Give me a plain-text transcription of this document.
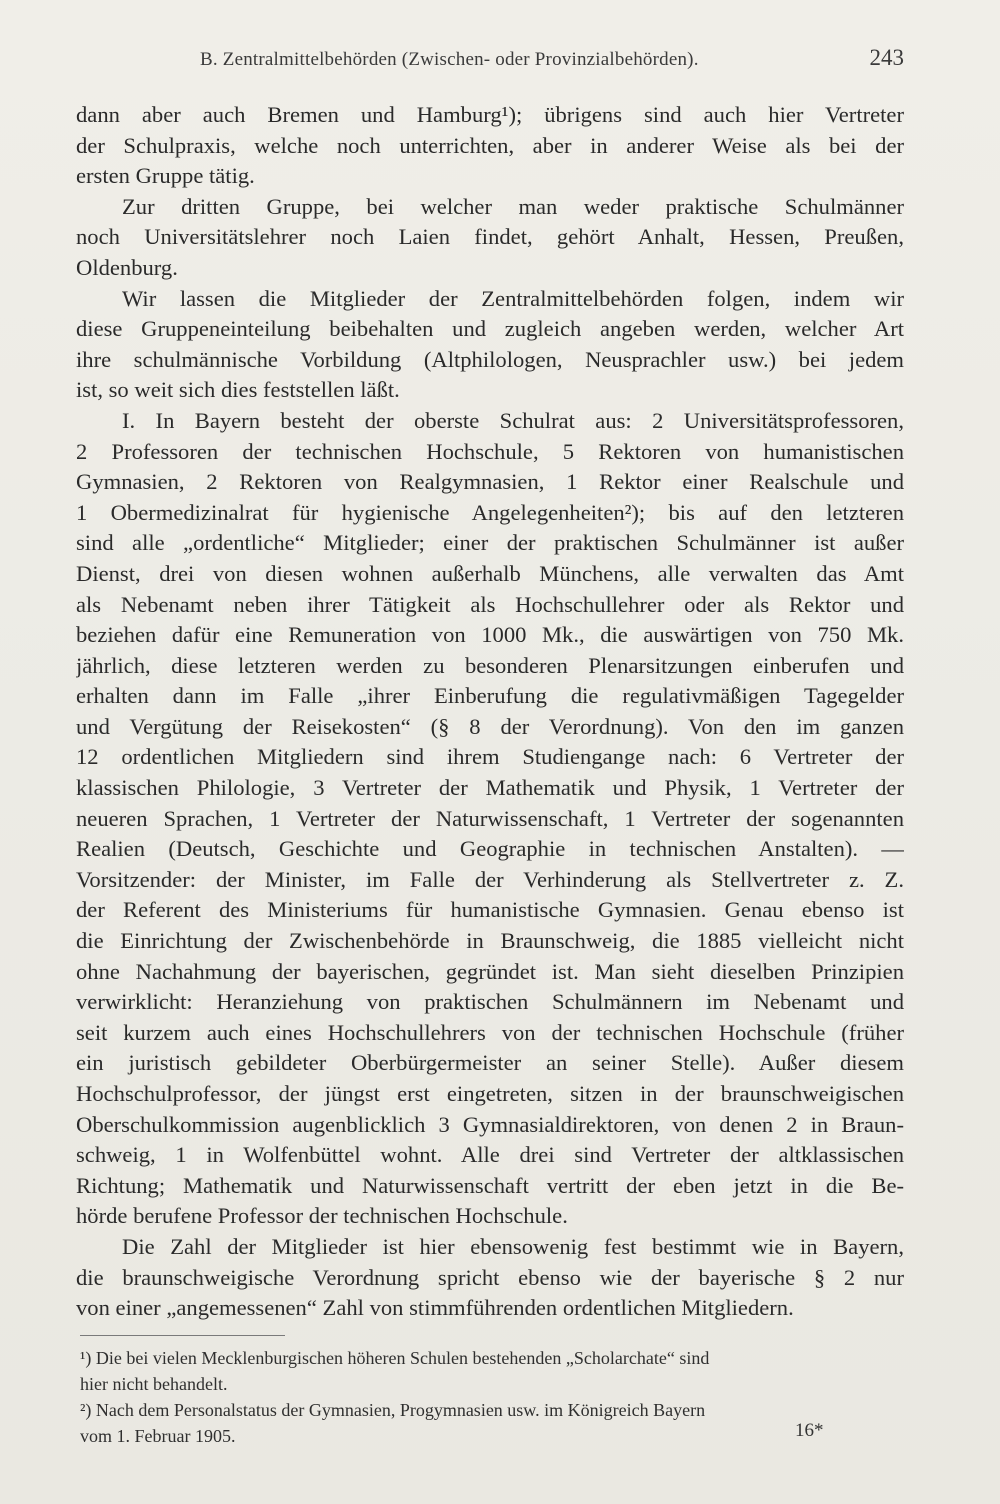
B. Zentralmittelbehörden (Zwischen- oder Provinzialbehörden).	243
dann aber auch Bremen und Hamburg¹); übrigens sind auch hier Vertreter
der Schulpraxis, welche noch unterrichten, aber in anderer Weise als bei der
ersten Gruppe tätig.
Zur dritten Gruppe, bei welcher man weder praktische Schulmänner
noch Universitätslehrer noch Laien findet, gehört Anhalt, Hessen, Preußen,
Oldenburg.
Wir lassen die Mitglieder der Zentralmittelbehörden folgen, indem wir
diese Gruppeneinteilung beibehalten und zugleich angeben werden, welcher Art
ihre schulmännische Vorbildung (Altphilologen, Neusprachler usw.) bei jedem
ist, so weit sich dies feststellen läßt.
I. In Bayern besteht der oberste Schulrat aus: 2 Universitätsprofessoren,
2 Professoren der technischen Hochschule, 5 Rektoren von humanistischen
Gymnasien, 2 Rektoren von Realgymnasien, 1 Rektor einer Realschule und
1 Obermedizinalrat für hygienische Angelegenheiten²); bis auf den letzteren
sind alle „ordentliche“ Mitglieder; einer der praktischen Schulmänner ist außer
Dienst, drei von diesen wohnen außerhalb Münchens, alle verwalten das Amt
als Nebenamt neben ihrer Tätigkeit als Hochschullehrer oder als Rektor und
beziehen dafür eine Remuneration von 1000 Mk., die auswärtigen von 750 Mk.
jährlich, diese letzteren werden zu besonderen Plenarsitzungen einberufen und
erhalten dann im Falle „ihrer Einberufung die regulativmäßigen Tagegelder
und Vergütung der Reisekosten“ (§ 8 der Verordnung). Von den im ganzen
12 ordentlichen Mitgliedern sind ihrem Studiengange nach: 6 Vertreter der
klassischen Philologie, 3 Vertreter der Mathematik und Physik, 1 Vertreter der
neueren Sprachen, 1 Vertreter der Naturwissenschaft, 1 Vertreter der sogenannten
Realien (Deutsch, Geschichte und Geographie in technischen Anstalten). —
Vorsitzender: der Minister, im Falle der Verhinderung als Stellvertreter z. Z.
der Referent des Ministeriums für humanistische Gymnasien. Genau ebenso ist
die Einrichtung der Zwischenbehörde in Braunschweig, die 1885 vielleicht nicht
ohne Nachahmung der bayerischen, gegründet ist. Man sieht dieselben Prinzipien
verwirklicht: Heranziehung von praktischen Schulmännern im Nebenamt und
seit kurzem auch eines Hochschullehrers von der technischen Hochschule (früher
ein juristisch gebildeter Oberbürgermeister an seiner Stelle). Außer diesem
Hochschulprofessor, der jüngst erst eingetreten, sitzen in der braunschweigischen
Oberschulkommission augenblicklich 3 Gymnasialdirektoren, von denen 2 in Braun-
schweig, 1 in Wolfenbüttel wohnt. Alle drei sind Vertreter der altklassischen
Richtung; Mathematik und Naturwissenschaft vertritt der eben jetzt in die Be-
hörde berufene Professor der technischen Hochschule.
Die Zahl der Mitglieder ist hier ebensowenig fest bestimmt wie in Bayern,
die braunschweigische Verordnung spricht ebenso wie der bayerische § 2 nur
von einer „angemessenen“ Zahl von stimmführenden ordentlichen Mitgliedern.
¹) Die bei vielen Mecklenburgischen höheren Schulen bestehenden „Scholarchate“ sind
hier nicht behandelt.
²) Nach dem Personalstatus der Gymnasien, Progymnasien usw. im Königreich Bayern
vom 1. Februar 1905.	16*
